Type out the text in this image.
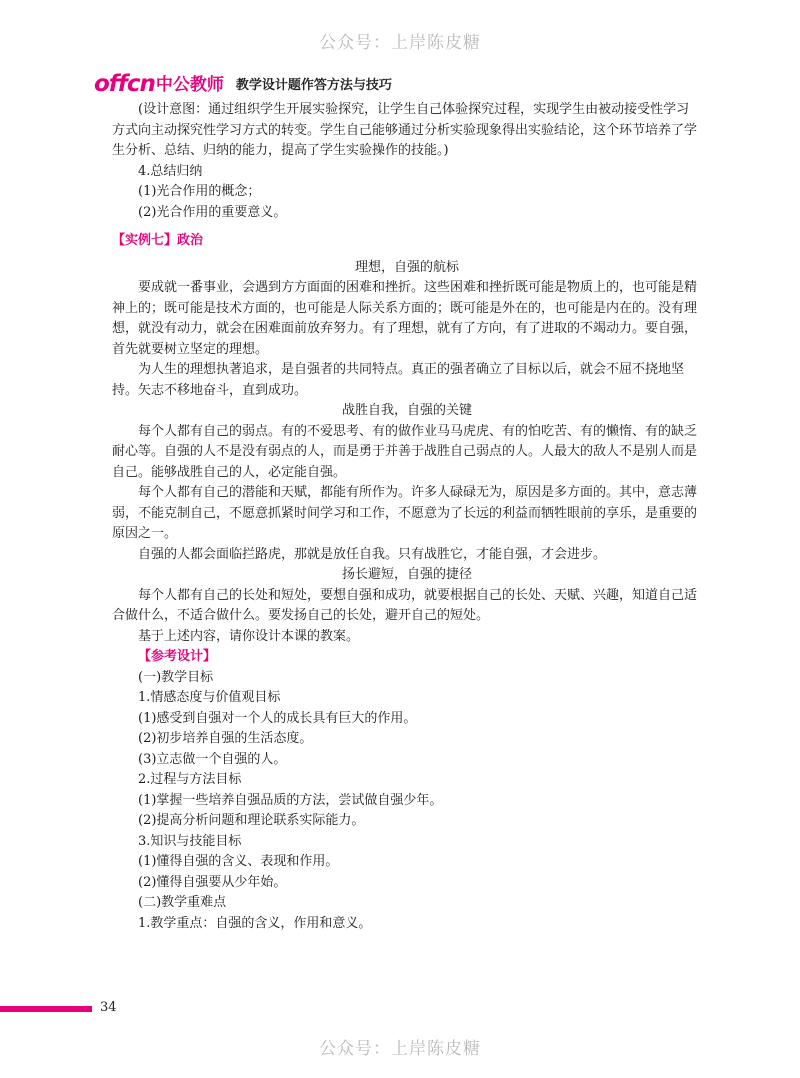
公众号：上岸陈皮糖
offcn 中公教师 教学设计题作答方法与技巧

(设计意图：通过组织学生开展实验探究，让学生自己体验探究过程，实现学生由被动接受性学习方式向主动探究性学习方式的转变。学生自己能够通过分析实验现象得出实验结论，这个环节培养了学生分析、总结、归纳的能力，提高了学生实验操作的技能。)

4.总结归纳

(1)光合作用的概念；

(2)光合作用的重要意义。

【实例七】政治

理想，自强的航标

要成就一番事业，会遇到方方面面的困难和挫折。这些困难和挫折既可能是物质上的，也可能是精神上的；既可能是技术方面的，也可能是人际关系方面的；既可能是外在的，也可能是内在的。没有理想，就没有动力，就会在困难面前放弃努力。有了理想，就有了方向，有了进取的不竭动力。要自强，首先就要树立坚定的理想。

为人生的理想执著追求，是自强者的共同特点。真正的强者确立了目标以后，就会不屈不挠地坚持。矢志不移地奋斗，直到成功。

战胜自我，自强的关键

每个人都有自己的弱点。有的不爱思考、有的做作业马马虎虎、有的怕吃苦、有的懒惰、有的缺乏耐心等。自强的人不是没有弱点的人，而是勇于并善于战胜自己弱点的人。人最大的敌人不是别人而是自己。能够战胜自己的人，必定能自强。

每个人都有自己的潜能和天赋，都能有所作为。许多人碌碌无为，原因是多方面的。其中，意志薄弱，不能克制自己，不愿意抓紧时间学习和工作，不愿意为了长远的利益而牺牲眼前的享乐，是重要的原因之一。

自强的人都会面临拦路虎，那就是放任自我。只有战胜它，才能自强，才会进步。

扬长避短，自强的捷径

每个人都有自己的长处和短处，要想自强和成功，就要根据自己的长处、天赋、兴趣，知道自己适合做什么，不适合做什么。要发扬自己的长处，避开自己的短处。

基于上述内容，请你设计本课的教案。

【参考设计】

(一)教学目标

1.情感态度与价值观目标

(1)感受到自强对一个人的成长具有巨大的作用。

(2)初步培养自强的生活态度。

(3)立志做一个自强的人。

2.过程与方法目标

(1)掌握一些培养自强品质的方法，尝试做自强少年。

(2)提高分析问题和理论联系实际能力。

3.知识与技能目标

(1)懂得自强的含义、表现和作用。

(2)懂得自强要从少年始。

(二)教学重难点

1.教学重点：自强的含义，作用和意义。

34
公众号：上岸陈皮糖
